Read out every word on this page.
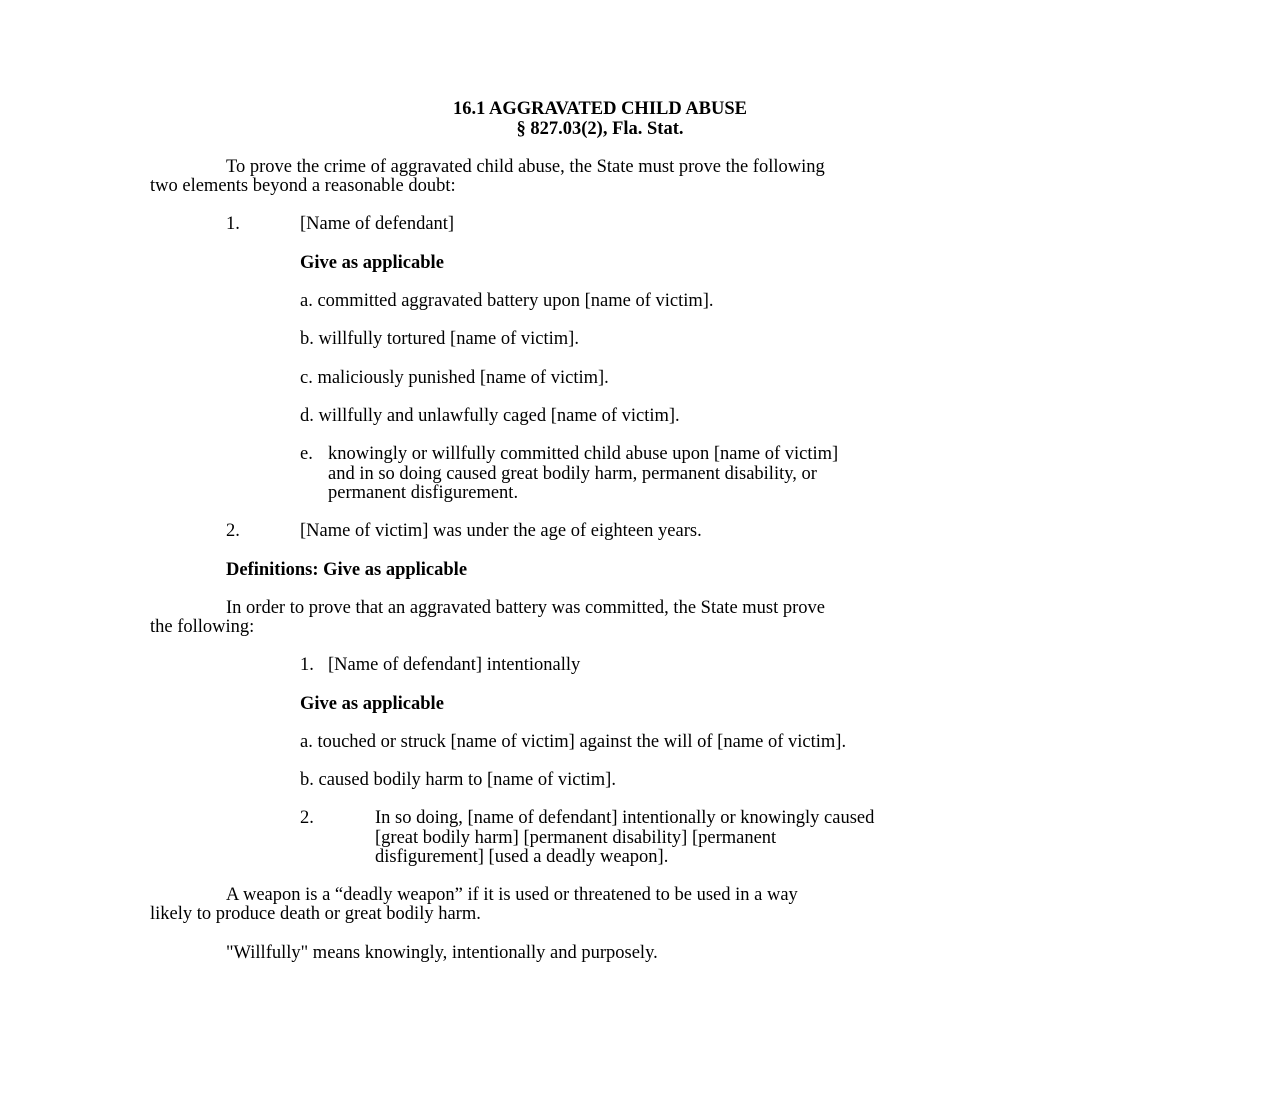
16.1 AGGRAVATED CHILD ABUSE
§ 827.03(2), Fla. Stat.
To prove the crime of aggravated child abuse, the State must prove the following
two elements beyond a reasonable doubt:
1.	[Name of defendant]
Give as applicable
a. committed aggravated battery upon [name of victim].
b. willfully tortured [name of victim].
c. maliciously punished [name of victim].
d. willfully and unlawfully caged [name of victim].
e. knowingly or willfully committed child abuse upon [name of victim]
and in so doing caused great bodily harm, permanent disability, or
permanent disfigurement.
2.	[Name of victim] was under the age of eighteen years.
Definitions: Give as applicable
In order to prove that an aggravated battery was committed, the State must prove
the following:
1. [Name of defendant] intentionally
Give as applicable
a. touched or struck [name of victim] against the will of [name of victim].
b. caused bodily harm to [name of victim].
2.	In so doing, [name of defendant] intentionally or knowingly caused
[great bodily harm] [permanent disability] [permanent
disfigurement] [used a deadly weapon].
A weapon is a “deadly weapon” if it is used or threatened to be used in a way
likely to produce death or great bodily harm.
"Willfully" means knowingly, intentionally and purposely.
